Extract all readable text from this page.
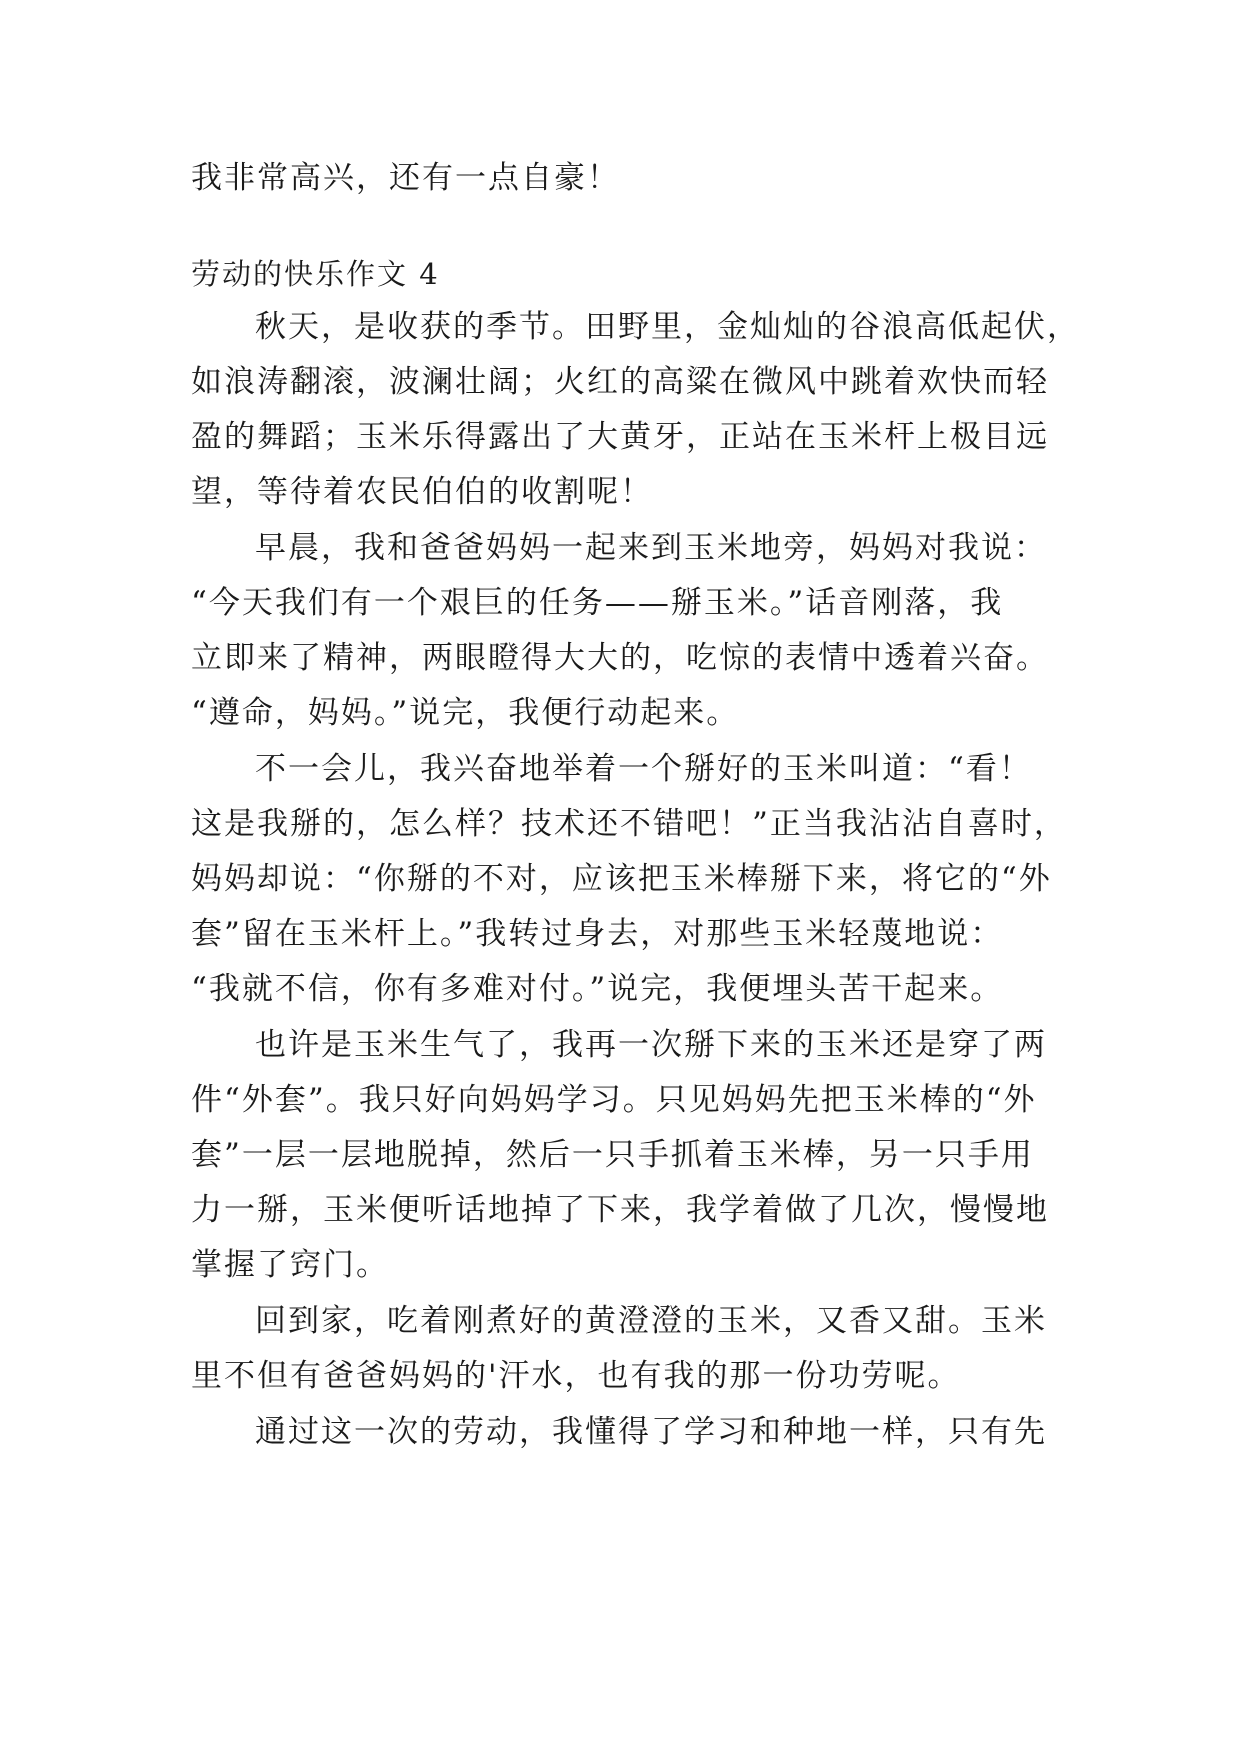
我非常高兴，还有一点自豪！

劳动的快乐作文 4

秋天，是收获的季节。田野里，金灿灿的谷浪高低起伏，
如浪涛翻滚，波澜壮阔；火红的高粱在微风中跳着欢快而轻
盈的舞蹈；玉米乐得露出了大黄牙，正站在玉米杆上极目远
望，等待着农民伯伯的收割呢！

早晨，我和爸爸妈妈一起来到玉米地旁，妈妈对我说：
“今天我们有一个艰巨的任务——掰玉米。”话音刚落，我
立即来了精神，两眼瞪得大大的，吃惊的表情中透着兴奋。
“遵命，妈妈。”说完，我便行动起来。

不一会儿，我兴奋地举着一个掰好的玉米叫道：“看！
这是我掰的，怎么样？技术还不错吧！”正当我沾沾自喜时，
妈妈却说：“你掰的不对，应该把玉米棒掰下来，将它的“外
套”留在玉米杆上。”我转过身去，对那些玉米轻蔑地说：
“我就不信，你有多难对付。”说完，我便埋头苦干起来。

也许是玉米生气了，我再一次掰下来的玉米还是穿了两
件“外套”。我只好向妈妈学习。只见妈妈先把玉米棒的“外
套”一层一层地脱掉，然后一只手抓着玉米棒，另一只手用
力一掰，玉米便听话地掉了下来，我学着做了几次，慢慢地
掌握了窍门。

回到家，吃着刚煮好的黄澄澄的玉米，又香又甜。玉米
里不但有爸爸妈妈的'汗水，也有我的那一份功劳呢。

通过这一次的劳动，我懂得了学习和种地一样，只有先
